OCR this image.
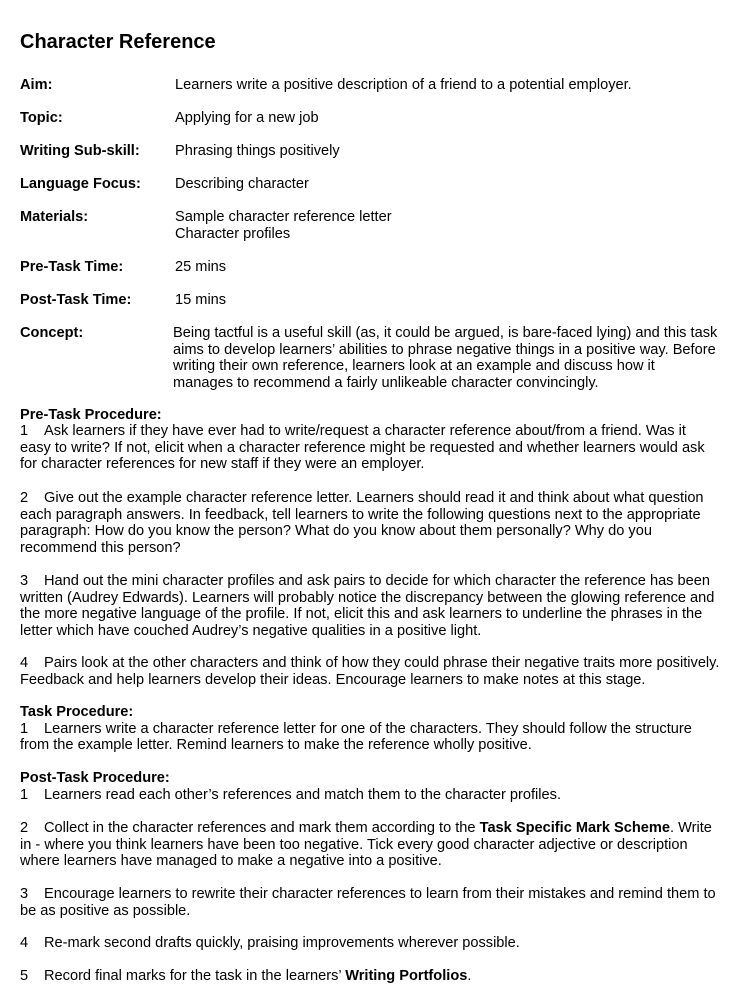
Character Reference
Aim:	Learners write a positive description of a friend to a potential employer.
Topic:	Applying for a new job
Writing Sub-skill: Phrasing things positively
Language Focus: Describing character
Materials:	Sample character reference letter
Character profiles
Pre-Task Time:	25 mins
Post-Task Time:	15 mins
Concept:	Being tactful is a useful skill (as, it could be argued, is bare-faced lying) and this task aims to develop learners’ abilities to phrase negative things in a positive way. Before writing their own reference, learners look at an example and discuss how it manages to recommend a fairly unlikeable character convincingly.
Pre-Task Procedure:

1 Ask learners if they have ever had to write/request a character reference about/from a friend. Was it easy to write? If not, elicit when a character reference might be requested and whether learners would ask for character references for new staff if they were an employer.

2 Give out the example character reference letter. Learners should read it and think about what question each paragraph answers. In feedback, tell learners to write the following questions next to the appropriate paragraph: How do you know the person? What do you know about them personally? Why do you recommend this person?

3 Hand out the mini character profiles and ask pairs to decide for which character the reference has been written (Audrey Edwards). Learners will probably notice the discrepancy between the glowing reference and the more negative language of the profile. If not, elicit this and ask learners to underline the phrases in the letter which have couched Audrey’s negative qualities in a positive light.

4 Pairs look at the other characters and think of how they could phrase their negative traits more positively. Feedback and help learners develop their ideas. Encourage learners to make notes at this stage.

Task Procedure:

1 Learners write a character reference letter for one of the characters. They should follow the structure from the example letter. Remind learners to make the reference wholly positive.

Post-Task Procedure:

1 Learners read each other’s references and match them to the character profiles.

2 Collect in the character references and mark them according to the Task Specific Mark Scheme. Write in - where you think learners have been too negative. Tick every good character adjective or description where learners have managed to make a negative into a positive.

3 Encourage learners to rewrite their character references to learn from their mistakes and remind them to be as positive as possible.

4 Re-mark second drafts quickly, praising improvements wherever possible.

5 Record final marks for the task in the learners’ Writing Portfolios.
